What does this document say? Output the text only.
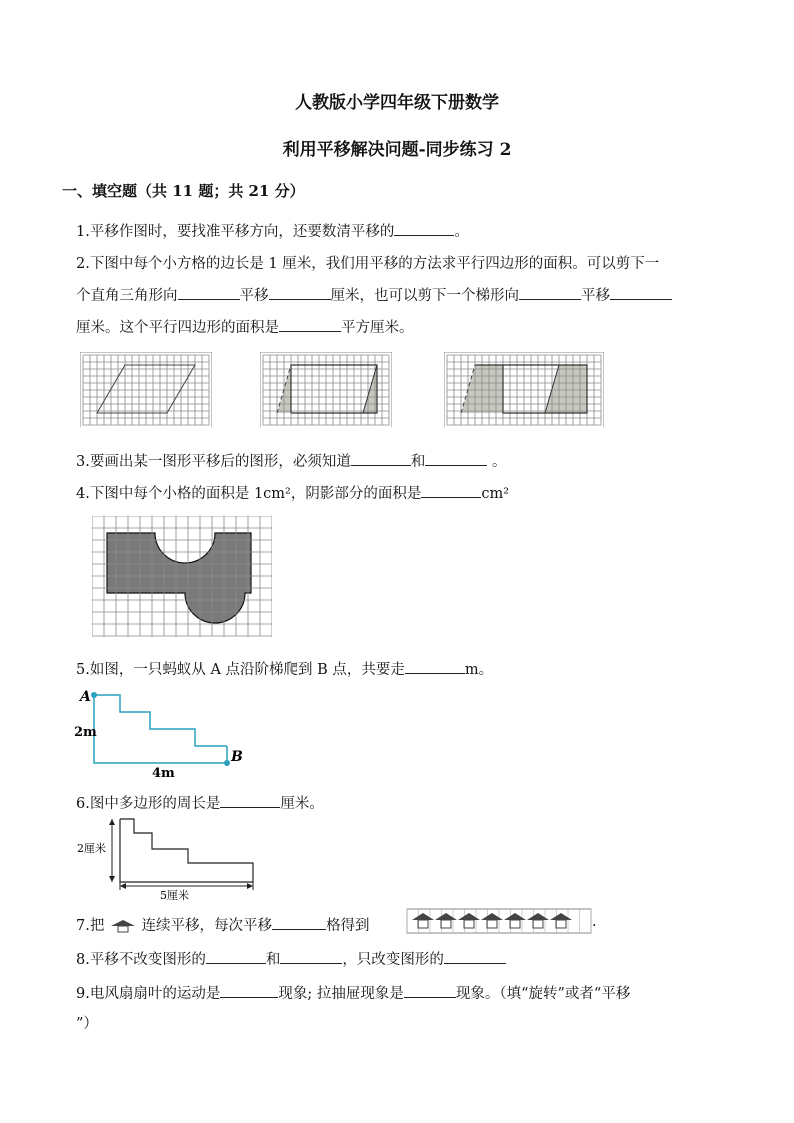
人教版小学四年级下册数学
利用平移解决问题-同步练习 2
一、填空题（共 11 题；共 21 分）
1.平移作图时，要找准平移方向，还要数清平移的	。
2.下图中每个小方格的边长是 1 厘米，我们用平移的方法求平行四边形的面积。可以剪下一
个直角三角形向	平移	厘米，也可以剪下一个梯形向	平移
厘米。这个平行四边形的面积是	平方厘米。
3.要画出某一图形平移后的图形，必须知道	和	。
4.下图中每个小格的面积是 1cm²，阴影部分的面积是	cm²
5.如图，一只蚂蚁从 A 点沿阶梯爬到 B 点，共要走	m。
A
B
2m
4m
6.图中多边形的周长是	厘米。
2厘米
5厘米
7.把	连续平移，每次平移	格得到	.
8.平移不改变图形的	和	，只改变图形的
9.电风扇扇叶的运动是	现象; 拉抽屉现象是	现象。（填“旋转”或者“平移
”）
